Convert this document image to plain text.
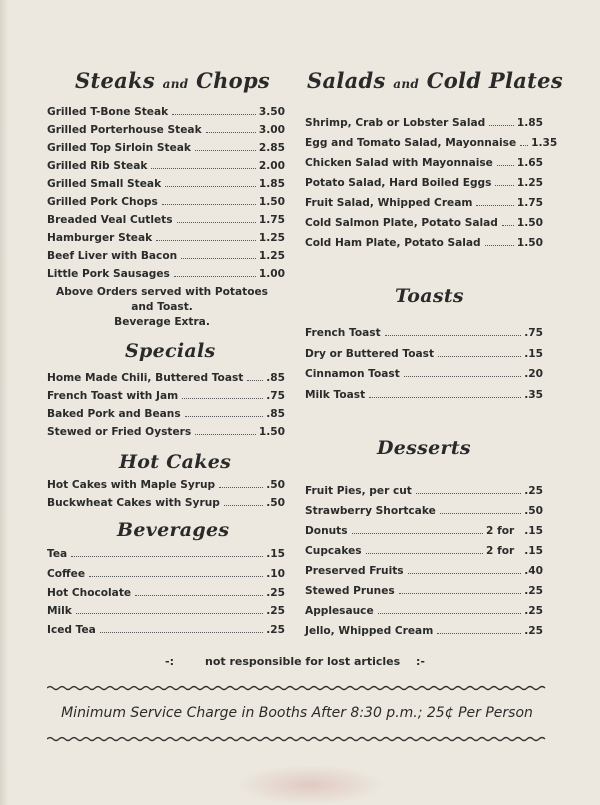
Steaks and Chops
Grilled T-Bone Steak	3.50
Grilled Porterhouse Steak	3.00
Grilled Top Sirloin Steak	2.85
Grilled Rib Steak	2.00
Grilled Small Steak	1.85
Grilled Pork Chops	1.50
Breaded Veal Cutlets	1.75
Hamburger Steak	1.25
Beef Liver with Bacon	1.25
Little Pork Sausages	1.00
Above Orders served with Potatoes
and Toast.
Beverage Extra.
Specials
Home Made Chili, Buttered Toast .85
French Toast with Jam	.75
Baked Pork and Beans	.85
Stewed or Fried Oysters	1.50
Hot Cakes
Hot Cakes with Maple Syrup	.50
Buckwheat Cakes with Syrup	.50
Beverages
Tea	.15
Coffee	.10
Hot Chocolate	.25
Milk	.25
Iced Tea	.25
Salads and Cold Plates
Shrimp, Crab or Lobster Salad	1.85
Egg and Tomato Salad, Mayonnaise 1.35
Chicken Salad with Mayonnaise 1.65
Potato Salad, Hard Boiled Eggs 1.25
Fruit Salad, Whipped Cream	1.75
Cold Salmon Plate, Potato Salad 1.50
Cold Ham Plate, Potato Salad	1.50
Toasts
French Toast	.75
Dry or Buttered Toast	.15
Cinnamon Toast	.20
Milk Toast	.35
Desserts
Fruit Pies, per cut	.25
Strawberry Shortcake	.50
Donuts	2 for .15
Cupcakes	2 for .15
Preserved Fruits	.40
Stewed Prunes	.25
Applesauce	.25
Jello, Whipped Cream	.25
-:	not responsible for lost articles :-
Minimum Service Charge in Booths After 8:30 p.m.; 25¢ Per Person
